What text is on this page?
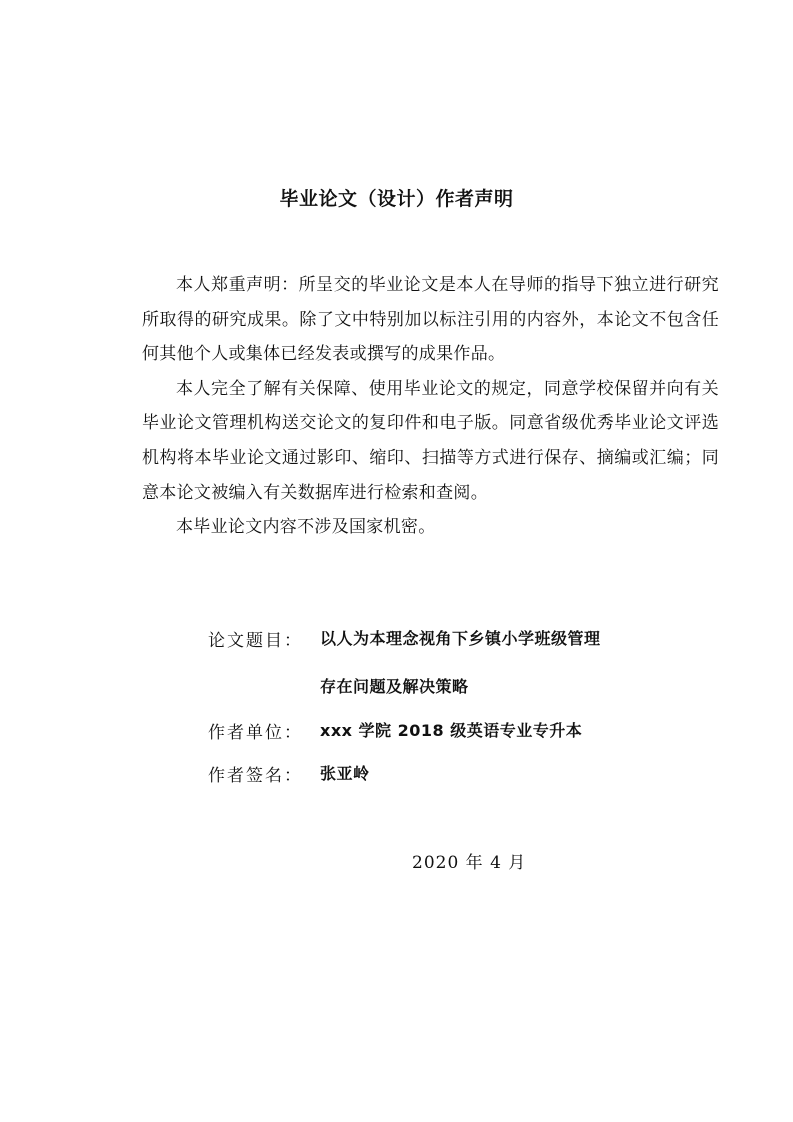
毕业论文（设计）作者声明

本人郑重声明：所呈交的毕业论文是本人在导师的指导下独立进行研究所取得的研究成果。除了文中特别加以标注引用的内容外，本论文不包含任何其他个人或集体已经发表或撰写的成果作品。

本人完全了解有关保障、使用毕业论文的规定，同意学校保留并向有关毕业论文管理机构送交论文的复印件和电子版。同意省级优秀毕业论文评选机构将本毕业论文通过影印、缩印、扫描等方式进行保存、摘编或汇编；同意本论文被编入有关数据库进行检索和查阅。

本毕业论文内容不涉及国家机密。

论文题目： 以人为本理念视角下乡镇小学班级管理
存在问题及解决策略
作者单位： xxx 学院 2018 级英语专业专升本
作者签名： 张亚岭
2020 年 4 月
